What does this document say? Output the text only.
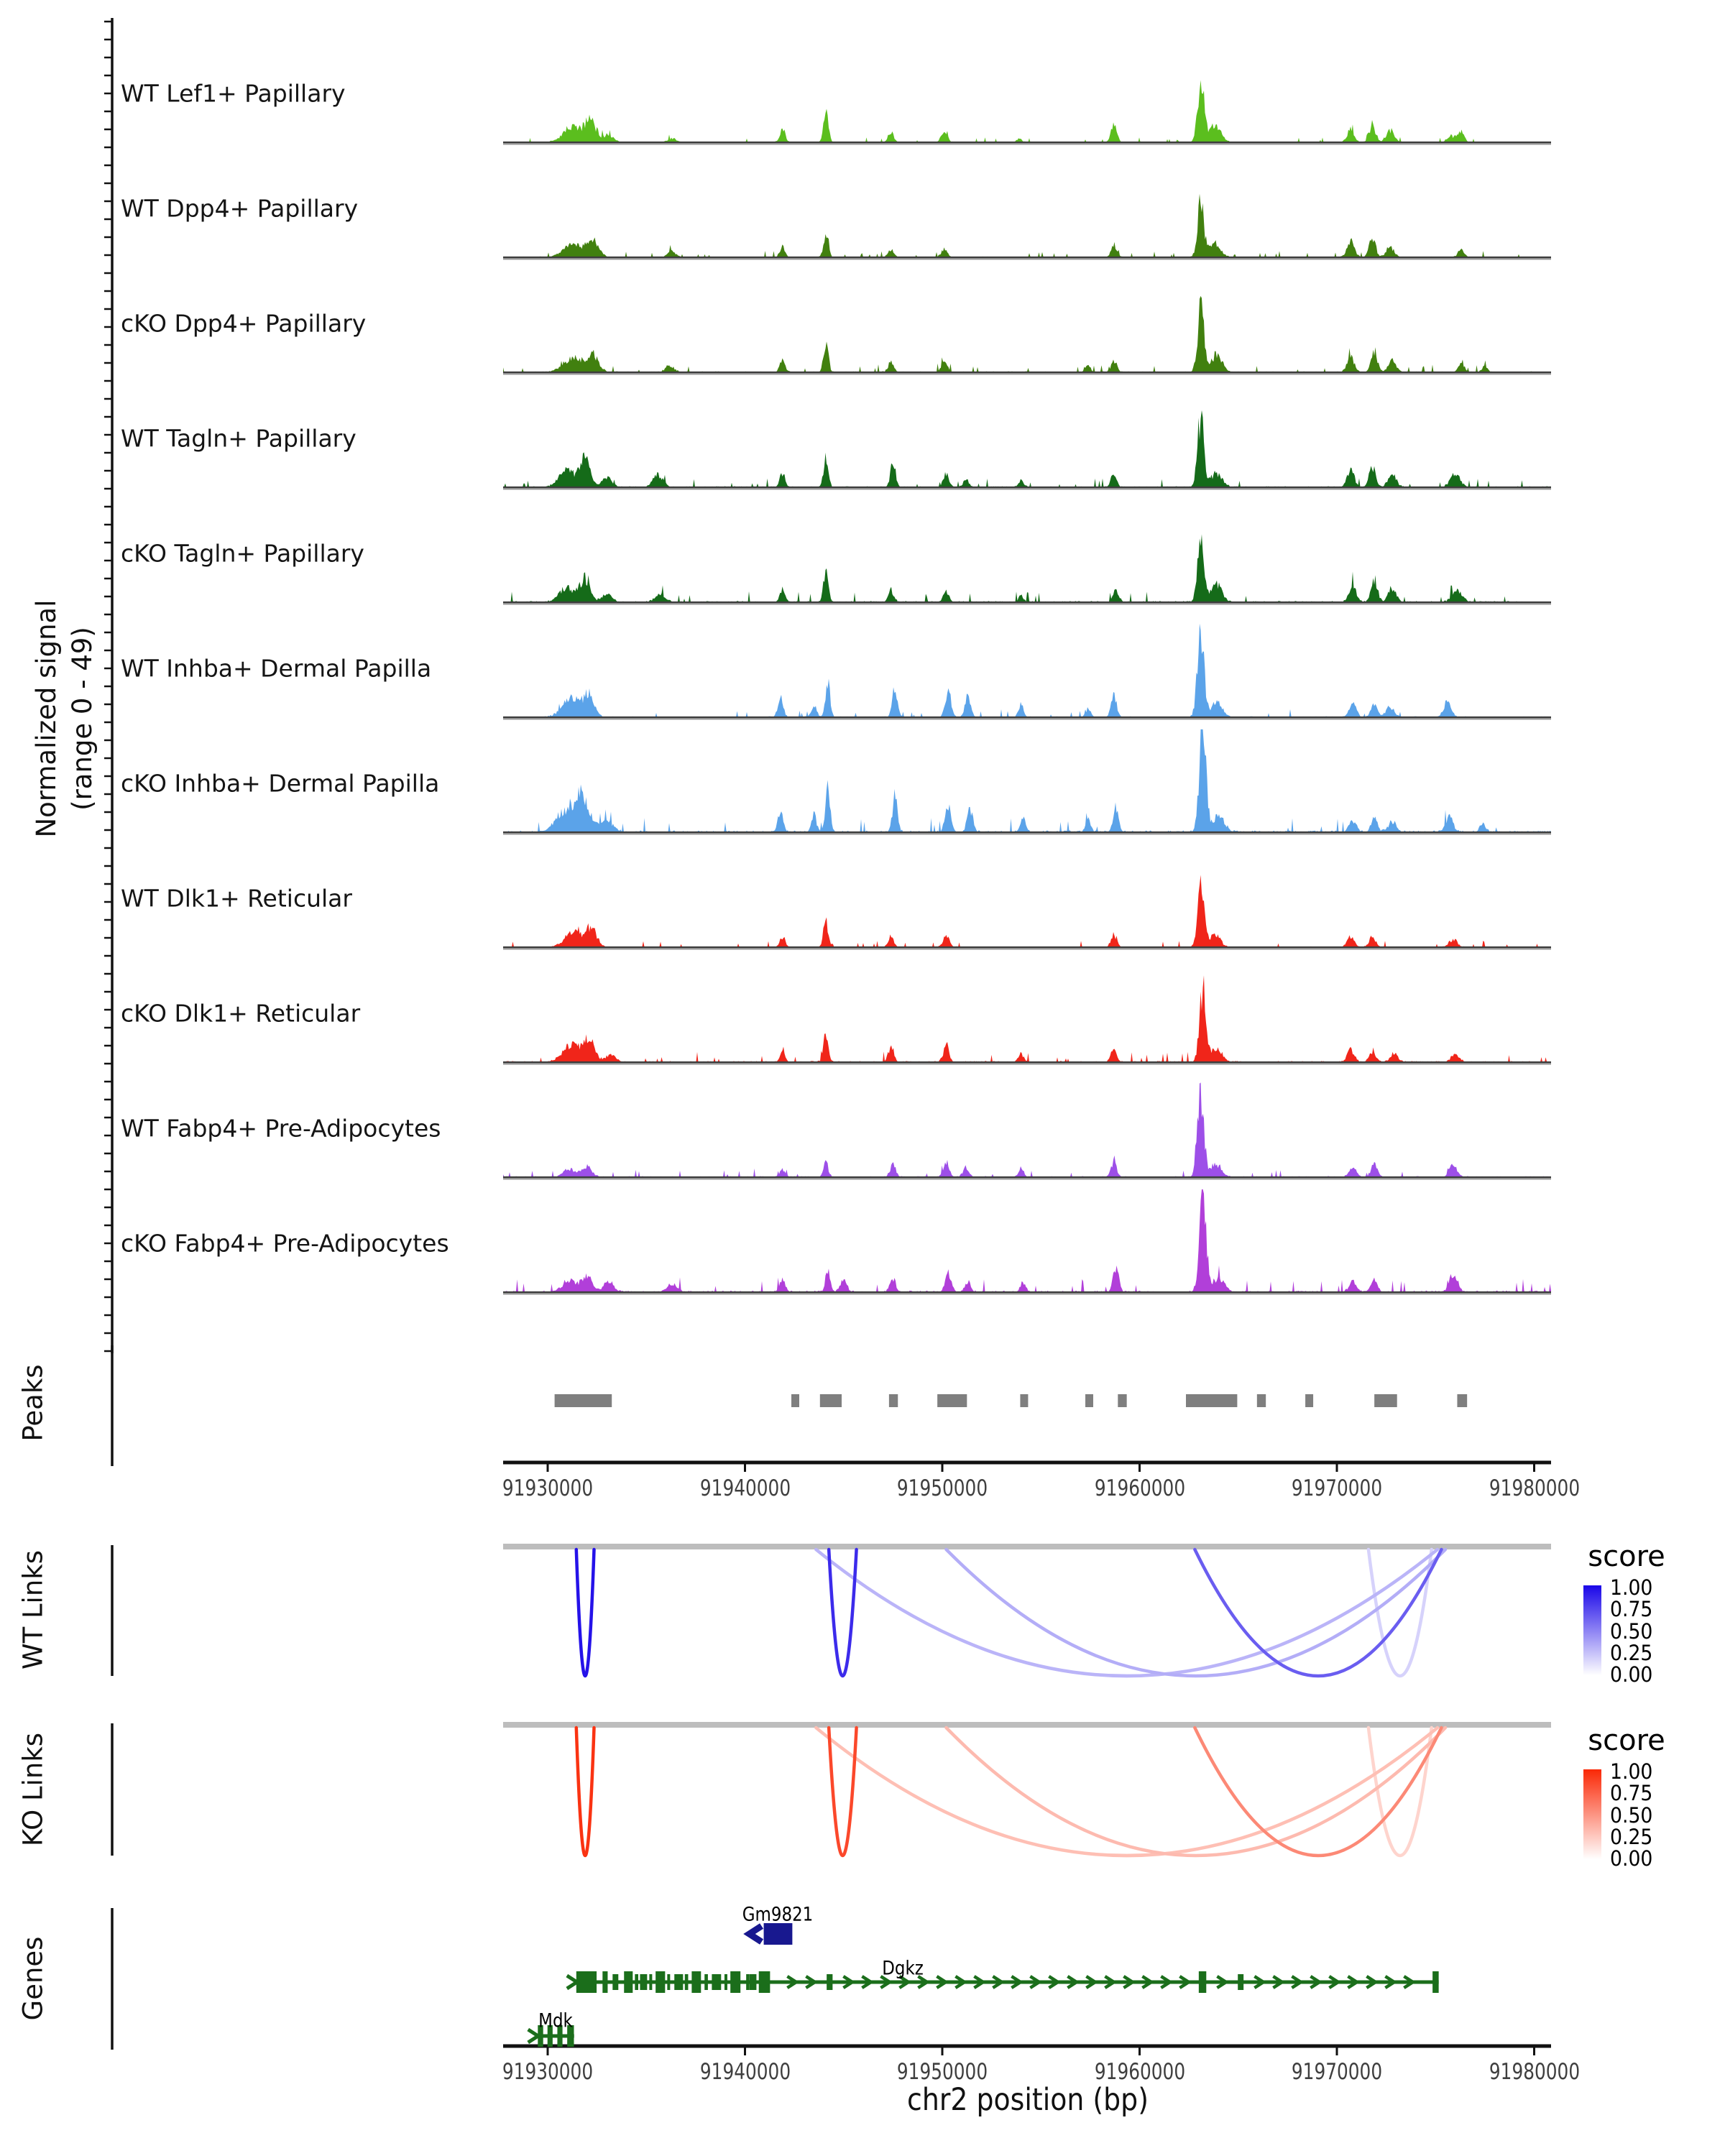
Normalized signal (range 0 - 49)
Peaks
WT Links
KO Links
Genes
score
score
chr2 position (bp)
WT Lef1+ Papillary
WT Dpp4+ Papillary
cKO Dpp4+ Papillary
WT Tagln+ Papillary
cKO Tagln+ Papillary
WT Inhba+ Dermal Papilla
cKO Inhba+ Dermal Papilla
WT Dlk1+ Reticular
cKO Dlk1+ Reticular
WT Fabp4+ Pre-Adipocytes
cKO Fabp4+ Pre-Adipocytes
91930000	91940000	91950000	91960000	91970000	91980000
91930000	91940000	91950000	91960000	91970000	91980000
1.00
0.75
0.50
0.25
0.00
1.00
0.75
0.50
0.25
0.00
Gm9821
Dgkz
Mdk
